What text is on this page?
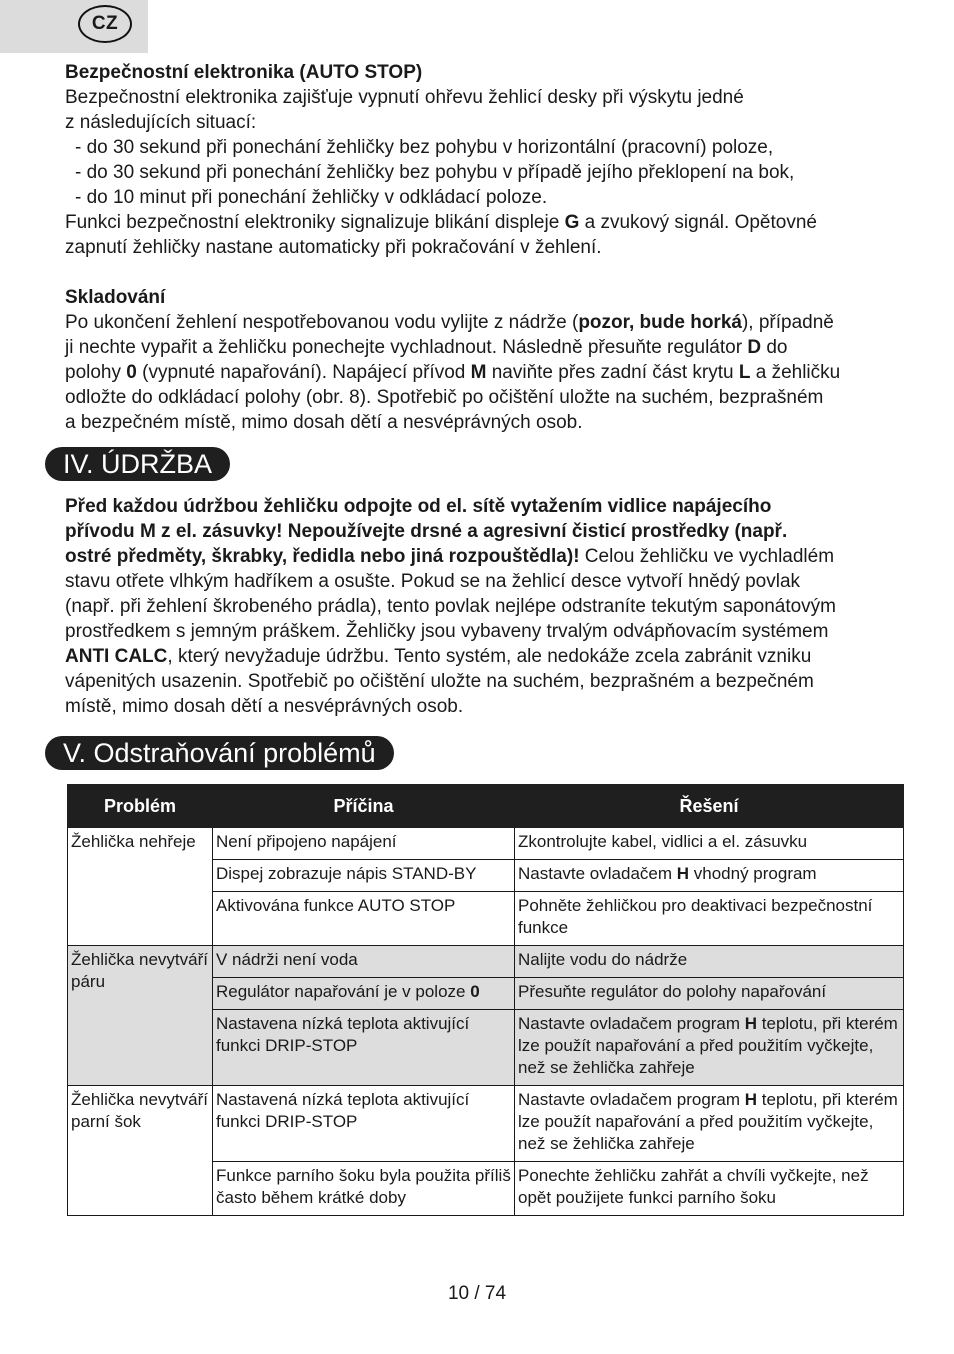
CZ

Bezpečnostní elektronika (AUTO STOP)

Bezpečnostní elektronika zajišťuje vypnutí ohřevu žehlicí desky při výskytu jedné

z následujících situací:

- do 30 sekund při ponechání žehličky bez pohybu v horizontální (pracovní) poloze,

- do 30 sekund při ponechání žehličky bez pohybu v případě jejího překlopení na bok,

- do 10 minut při ponechání žehličky v odkládací poloze.

Funkci bezpečnostní elektroniky signalizuje blikání displeje G a zvukový signál. Opětovné

zapnutí žehličky nastane automaticky při pokračování v žehlení.

Skladování

Po ukončení žehlení nespotřebovanou vodu vylijte z nádrže (pozor, bude horká), případně

ji nechte vypařit a žehličku ponechejte vychladnout. Následně přesuňte regulátor D do

polohy 0 (vypnuté napařování). Napájecí přívod M naviňte přes zadní část krytu L a žehličku

odložte do odkládací polohy (obr. 8). Spotřebič po očištění uložte na suchém, bezprašném

a bezpečném místě, mimo dosah dětí a nesvéprávných osob.

IV. ÚDRŽBA

Před každou údržbou žehličku odpojte od el. sítě vytažením vidlice napájecího

přívodu M z el. zásuvky! Nepoužívejte drsné a agresivní čisticí prostředky (např.

ostré předměty, škrabky, ředidla nebo jiná rozpouštědla)! Celou žehličku ve vychladlém

stavu otřete vlhkým hadříkem a osušte. Pokud se na žehlicí desce vytvoří hnědý povlak

(např. při žehlení škrobeného prádla), tento povlak nejlépe odstraníte tekutým saponátovým

prostředkem s jemným práškem. Žehličky jsou vybaveny trvalým odvápňovacím systémem

ANTI CALC, který nevyžaduje údržbu. Tento systém, ale nedokáže zcela zabránit vzniku

vápenitých usazenin. Spotřebič po očištění uložte na suchém, bezprašném a bezpečném

místě, mimo dosah dětí a nesvéprávných osob.

V. Odstraňování problémů
Problém	Příčina	Řešení
Žehlička nehřeje	Není připojeno napájení	Zkontrolujte kabel, vidlici a el. zásuvku
	Dispej zobrazuje nápis STAND-BY	Nastavte ovladačem H vhodný program
	Aktivována funkce AUTO STOP	Pohněte žehličkou pro deaktivaci bezpečnostní funkce
Žehlička nevytváří páru	V nádrži není voda	Nalijte vodu do nádrže
	Regulátor napařování je v poloze 0	Přesuňte regulátor do polohy napařování
	Nastavena nízká teplota aktivující funkci DRIP-STOP	Nastavte ovladačem program H teplotu, při kterém lze použít napařování a před použitím vyčkejte, než se žehlička zahřeje
Žehlička nevytváří parní šok	Nastavená nízká teplota aktivující funkci DRIP-STOP	Nastavte ovladačem program H teplotu, při kterém lze použít napařování a před použitím vyčkejte, než se žehlička zahřeje
	Funkce parního šoku byla použita příliš často během krátké doby	Ponechte žehličku zahřát a chvíli vyčkejte, než opět použijete funkci parního šoku
10 / 74
